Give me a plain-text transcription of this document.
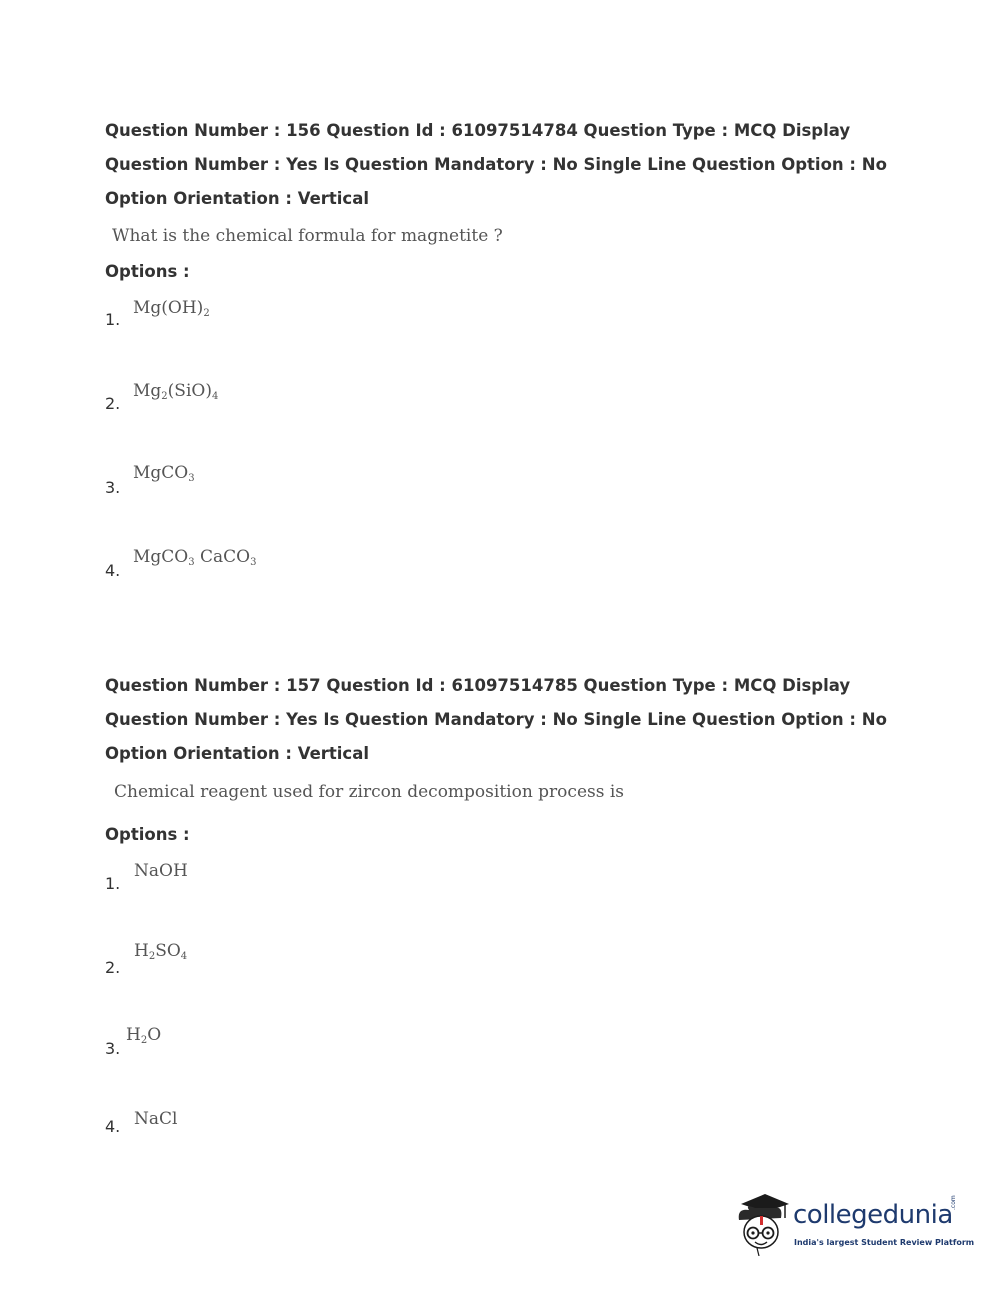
Question Number : 156 Question Id : 61097514784 Question Type : MCQ Display Question Number : Yes Is Question Mandatory : No Single Line Question Option : No Option Orientation : Vertical
What is the chemical formula for magnetite ?
Options :
1.
$Mg(OH)_2$
2.
$Mg_2(SiO)_4$
3.
MgCO$_3$
4.
MgCO$_3$ CaCO$_3$
Question Number : 157 Question Id : 61097514785 Question Type : MCQ Display Question Number : Yes Is Question Mandatory : No Single Line Question Option : No Option Orientation : Vertical
Chemical reagent used for zircon decomposition process is
Options :
1.
NaOH
2.
$H_2SO_4$
3.
$H_2O$
4. NaCl
collegedunia
.com
India's largest Student Review Platform
